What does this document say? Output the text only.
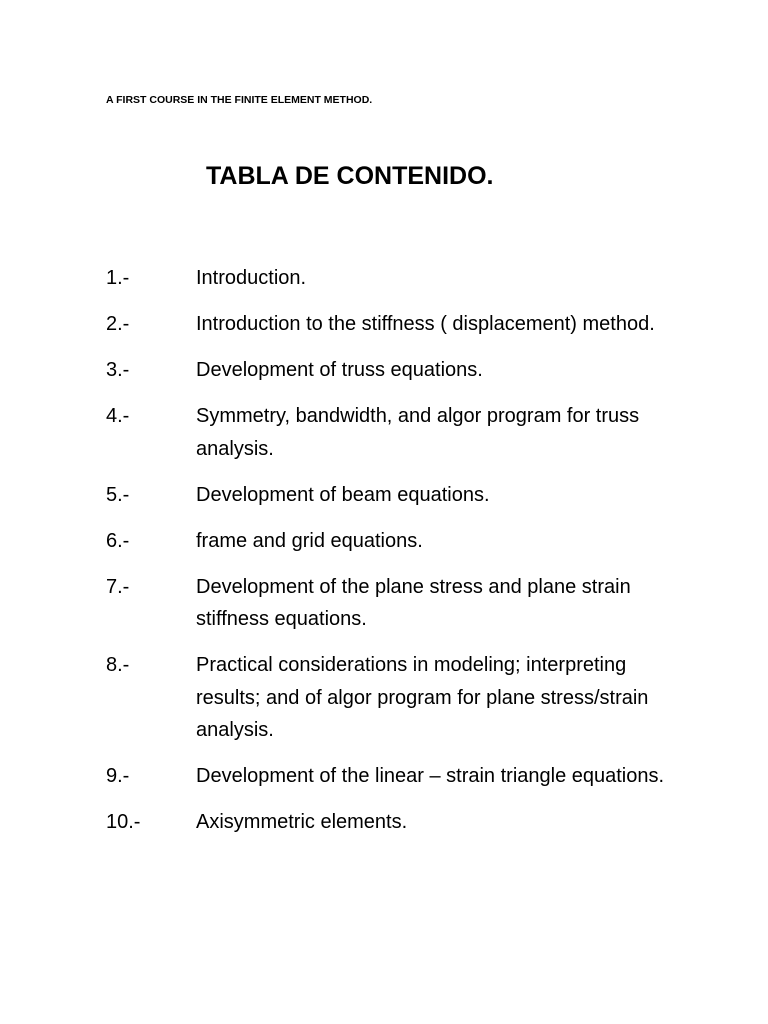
A FIRST COURSE IN THE FINITE ELEMENT METHOD.
TABLA DE CONTENIDO.
1.-	Introduction.
2.-	Introduction to the stiffness ( displacement) method.
3.-	Development of truss equations.
4.-	Symmetry, bandwidth, and algor program for truss analysis.
5.-	Development of beam equations.
6.-	frame and grid equations.
7.-	Development of the plane stress and plane strain stiffness equations.
8.-	Practical considerations in modeling; interpreting results; and of algor program for plane stress/strain analysis.
9.-	Development of the linear – strain triangle equations.
10.-	Axisymmetric elements.
